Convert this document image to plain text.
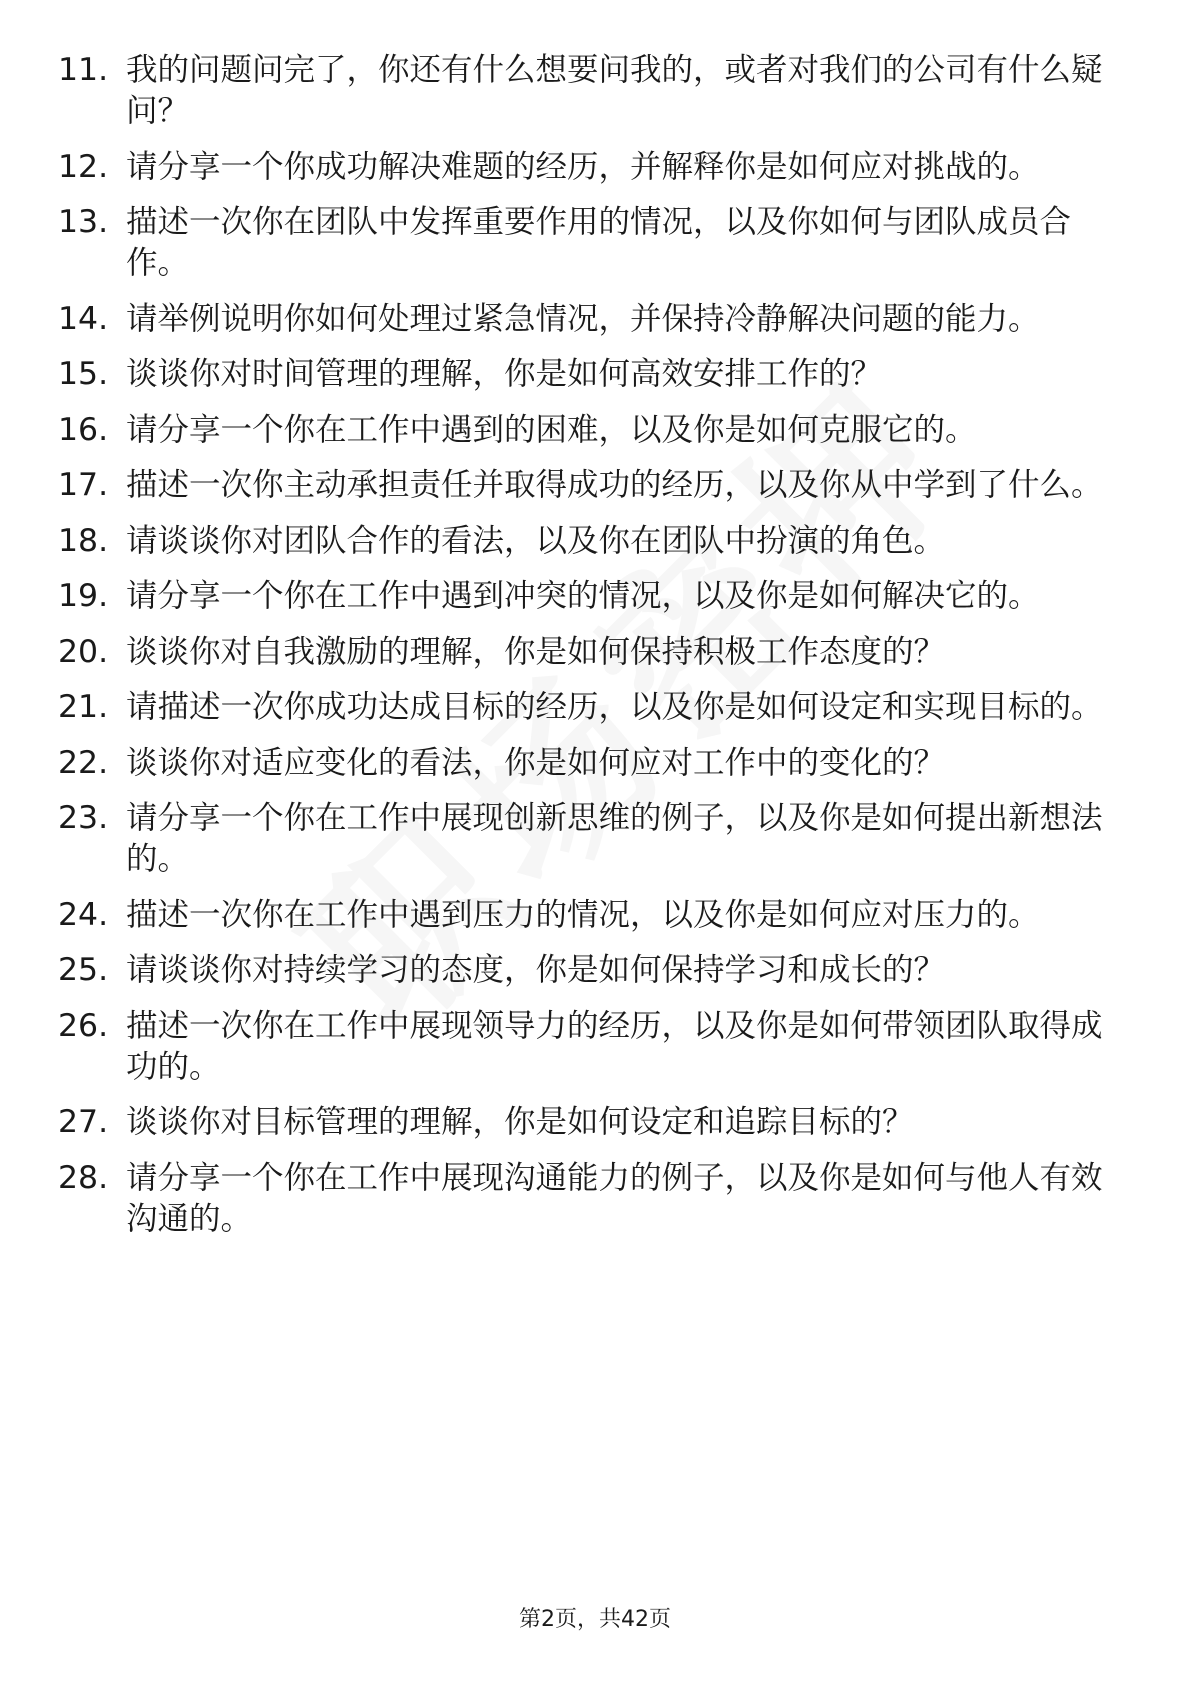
11. 我的问题问完了，你还有什么想要问我的，或者对我们的公司有什么疑问？
12. 请分享一个你成功解决难题的经历，并解释你是如何应对挑战的。
13. 描述一次你在团队中发挥重要作用的情况，以及你如何与团队成员合作。
14. 请举例说明你如何处理过紧急情况，并保持冷静解决问题的能力。
15. 谈谈你对时间管理的理解，你是如何高效安排工作的？
16. 请分享一个你在工作中遇到的困难，以及你是如何克服它的。
17. 描述一次你主动承担责任并取得成功的经历，以及你从中学到了什么。
18. 请谈谈你对团队合作的看法，以及你在团队中扮演的角色。
19. 请分享一个你在工作中遇到冲突的情况，以及你是如何解决它的。
20. 谈谈你对自我激励的理解，你是如何保持积极工作态度的？
21. 请描述一次你成功达成目标的经历，以及你是如何设定和实现目标的。
22. 谈谈你对适应变化的看法，你是如何应对工作中的变化的？
23. 请分享一个你在工作中展现创新思维的例子，以及你是如何提出新想法的。
24. 描述一次你在工作中遇到压力的情况，以及你是如何应对压力的。
25. 请谈谈你对持续学习的态度，你是如何保持学习和成长的？
26. 描述一次你在工作中展现领导力的经历，以及你是如何带领团队取得成功的。
27. 谈谈你对目标管理的理解，你是如何设定和追踪目标的？
28. 请分享一个你在工作中展现沟通能力的例子，以及你是如何与他人有效沟通的。
第2页，共42页
